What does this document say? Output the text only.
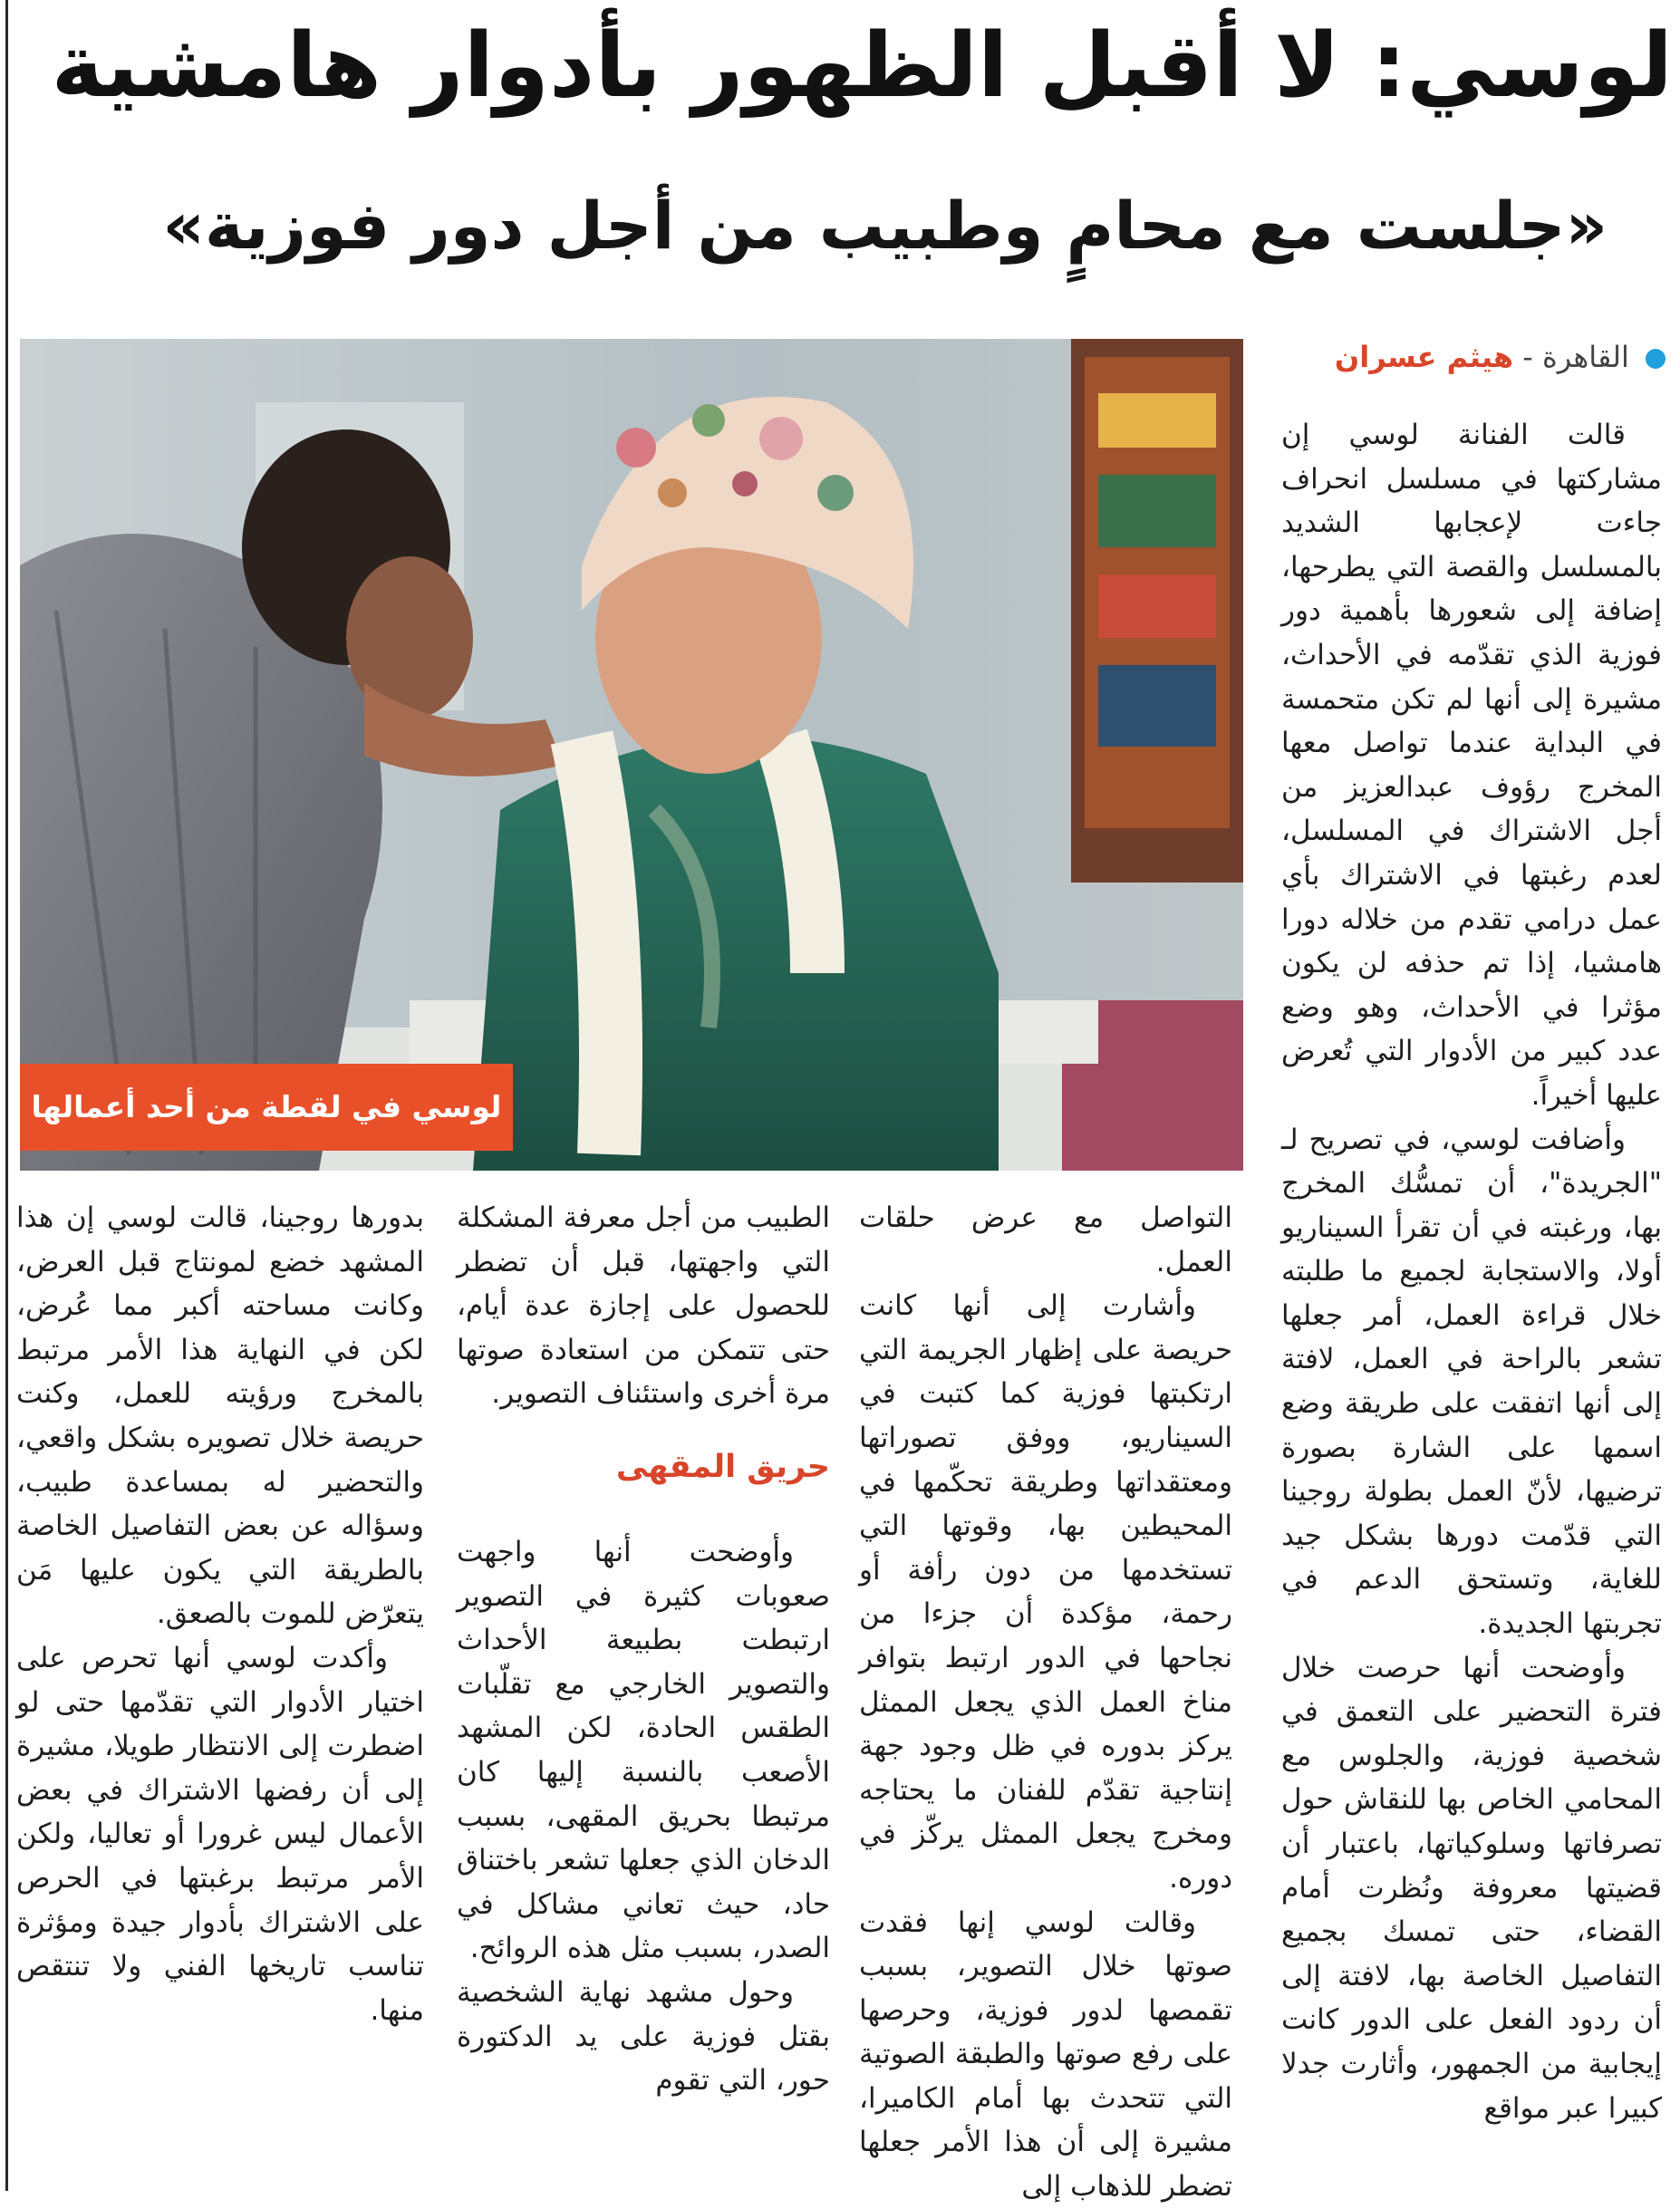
لوسي: لا أقبل الظهور بأدوار هامشية
«جلست مع محامٍ وطبيب من أجل دور فوزية»
لوسي في لقطة من أحد أعمالها
القاهرة - هيثم عسران

قالت الفنانة لوسي إن مشاركتها في مسلسل انحراف جاءت لإعجابها الشديد بالمسلسل والقصة التي يطرحها، إضافة إلى شعورها بأهمية دور فوزية الذي تقدّمه في الأحداث، مشيرة إلى أنها لم تكن متحمسة في البداية عندما تواصل معها المخرج رؤوف عبدالعزيز من أجل الاشتراك في المسلسل، لعدم رغبتها في الاشتراك بأي عمل درامي تقدم من خلاله دورا هامشيا، إذا تم حذفه لن يكون مؤثرا في الأحداث، وهو وضع عدد كبير من الأدوار التي تُعرض عليها أخيراً.

وأضافت لوسي، في تصريح لـ "الجريدة"، أن تمسُّك المخرج بها، ورغبته في أن تقرأ السيناريو أولا، والاستجابة لجميع ما طلبته خلال قراءة العمل، أمر جعلها تشعر بالراحة في العمل، لافتة إلى أنها اتفقت على طريقة وضع اسمها على الشارة بصورة ترضيها، لأنّ العمل بطولة روجينا التي قدّمت دورها بشكل جيد للغاية، وتستحق الدعم في تجربتها الجديدة.

وأوضحت أنها حرصت خلال فترة التحضير على التعمق في شخصية فوزية، والجلوس مع المحامي الخاص بها للنقاش حول تصرفاتها وسلوكياتها، باعتبار أن قضيتها معروفة ونُظرت أمام القضاء، حتى تمسك بجميع التفاصيل الخاصة بها، لافتة إلى أن ردود الفعل على الدور كانت إيجابية من الجمهور، وأثارت جدلا كبيرا عبر مواقع

التواصل مع عرض حلقات العمل.

وأشارت إلى أنها كانت حريصة على إظهار الجريمة التي ارتكبتها فوزية كما كتبت في السيناريو، ووفق تصوراتها ومعتقداتها وطريقة تحكّمها في المحيطين بها، وقوتها التي تستخدمها من دون رأفة أو رحمة، مؤكدة أن جزءا من نجاحها في الدور ارتبط بتوافر مناخ العمل الذي يجعل الممثل يركز بدوره في ظل وجود جهة إنتاجية تقدّم للفنان ما يحتاجه ومخرج يجعل الممثل يركّز في دوره.

وقالت لوسي إنها فقدت صوتها خلال التصوير، بسبب تقمصها لدور فوزية، وحرصها على رفع صوتها والطبقة الصوتية التي تتحدث بها أمام الكاميرا، مشيرة إلى أن هذا الأمر جعلها تضطر للذهاب إلى

الطبيب من أجل معرفة المشكلة التي واجهتها، قبل أن تضطر للحصول على إجازة عدة أيام، حتى تتمكن من استعادة صوتها مرة أخرى واستئناف التصوير.

حريق المقهى

وأوضحت أنها واجهت صعوبات كثيرة في التصوير ارتبطت بطبيعة الأحداث والتصوير الخارجي مع تقلّبات الطقس الحادة، لكن المشهد الأصعب بالنسبة إليها كان مرتبطا بحريق المقهى، بسبب الدخان الذي جعلها تشعر باختناق حاد، حيث تعاني مشاكل في الصدر، بسبب مثل هذه الروائح.

وحول مشهد نهاية الشخصية بقتل فوزية على يد الدكتورة حور، التي تقوم

بدورها روجينا، قالت لوسي إن هذا المشهد خضع لمونتاج قبل العرض، وكانت مساحته أكبر مما عُرض، لكن في النهاية هذا الأمر مرتبط بالمخرج ورؤيته للعمل، وكنت حريصة خلال تصويره بشكل واقعي، والتحضير له بمساعدة طبيب، وسؤاله عن بعض التفاصيل الخاصة بالطريقة التي يكون عليها مَن يتعرّض للموت بالصعق.

وأكدت لوسي أنها تحرص على اختيار الأدوار التي تقدّمها حتى لو اضطرت إلى الانتظار طويلا، مشيرة إلى أن رفضها الاشتراك في بعض الأعمال ليس غرورا أو تعاليا، ولكن الأمر مرتبط برغبتها في الحرص على الاشتراك بأدوار جيدة ومؤثرة تناسب تاريخها الفني ولا تنتقص منها.
